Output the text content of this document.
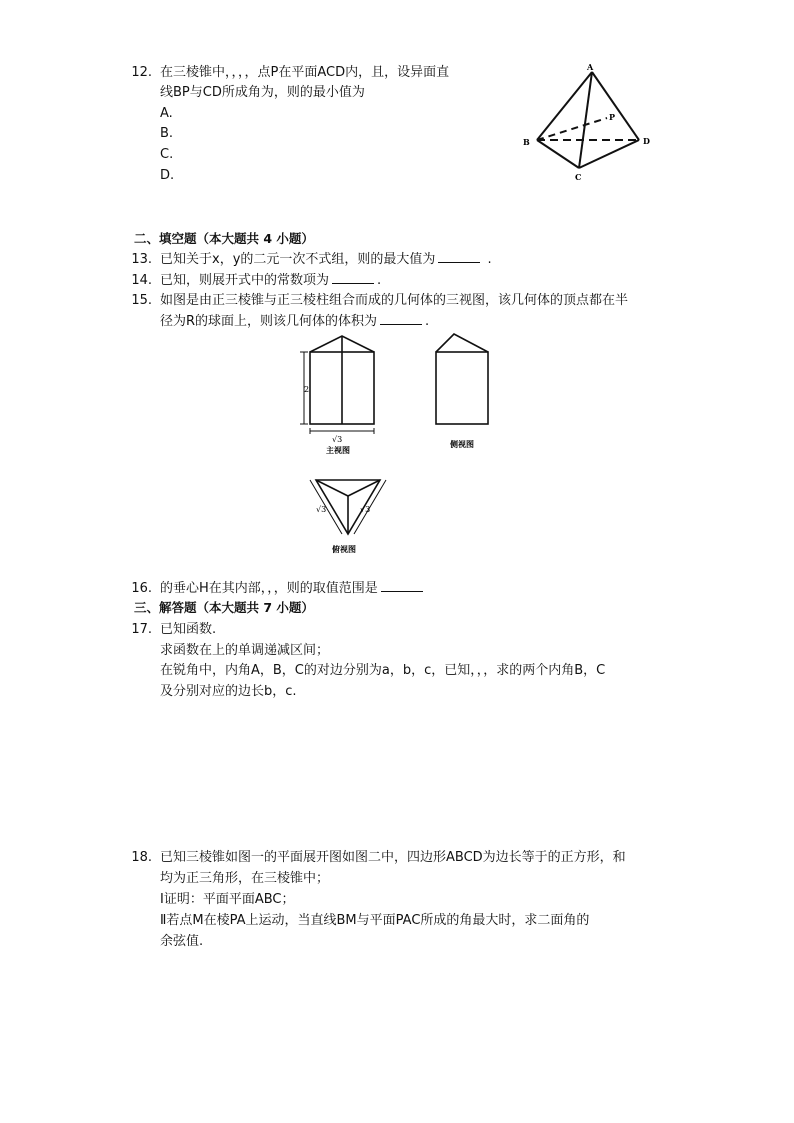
12. 在三棱锥中，，，，点P在平面ACD内，且，设异面直
线BP与CD所成角为，则的最小值为
A.
B.
C.
D.
A
B
C
D
P
二、填空题（本大题共 4 小题）
13. 已知关于x，y的二元一次不式组，则的最大值为	.
14. 已知，则展开式中的常数项为	.
15. 如图是由正三棱锥与正三棱柱组合而成的几何体的三视图，该几何体的顶点都在半
径为R的球面上，则该几何体的体积为	.
2
√3
主视图
侧视图
√3	√3
俯视图
16. 的垂心H在其内部，，，则的取值范围是
三、解答题（本大题共 7 小题）
17. 已知函数.
求函数在上的单调递减区间；
在锐角中，内角A，B，C的对边分别为a，b，c，已知，，，求的两个内角B，C
及分别对应的边长b，c.
18. 已知三棱锥如图一的平面展开图如图二中，四边形ABCD为边长等于的正方形，和
均为正三角形，在三棱锥中；
Ⅰ证明：平面平面ABC；
Ⅱ若点M在棱PA上运动，当直线BM与平面PAC所成的角最大时，求二面角的
余弦值.
